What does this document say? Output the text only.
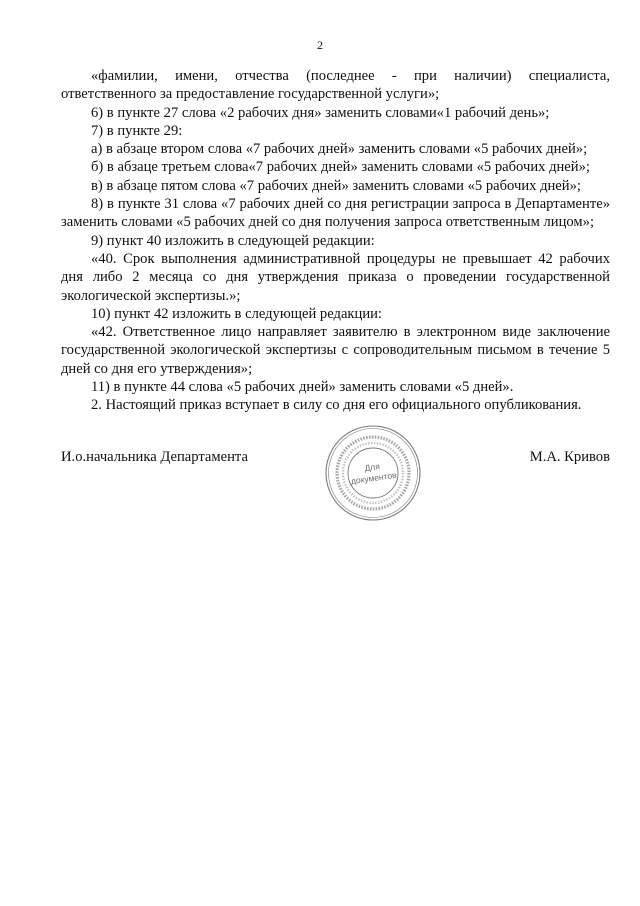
2

«фамилии, имени, отчества (последнее - при наличии) специалиста, ответственного за предоставление государственной услуги»;

6) в пункте 27 слова «2 рабочих дня» заменить словами«1 рабочий день»;

7) в пункте 29:

а) в абзаце втором слова «7 рабочих дней» заменить словами «5 рабочих дней»;

б) в абзаце третьем слова«7 рабочих дней» заменить словами «5 рабочих дней»;

в) в абзаце пятом слова «7 рабочих дней» заменить словами «5 рабочих дней»;

8) в пункте 31 слова «7 рабочих дней со дня регистрации запроса в Департаменте» заменить словами «5 рабочих дней со дня получения запроса ответственным лицом»;

9) пункт 40 изложить в следующей редакции:

«40. Срок выполнения административной процедуры не превышает 42 рабочих дня либо 2 месяца со дня утверждения приказа о проведении государственной экологической экспертизы.»;

10) пункт 42 изложить в следующей редакции:

«42. Ответственное лицо направляет заявителю в электронном виде заключение государственной экологической экспертизы с сопроводительным письмом в течение 5 дней со дня его утверждения»;

11) в пункте 44 слова «5 рабочих дней» заменить словами «5 дней».

2. Настоящий приказ вступает в силу со дня его официального опубликования.

И.о.начальника Департамента	М.А. Кривов
Для
документов
